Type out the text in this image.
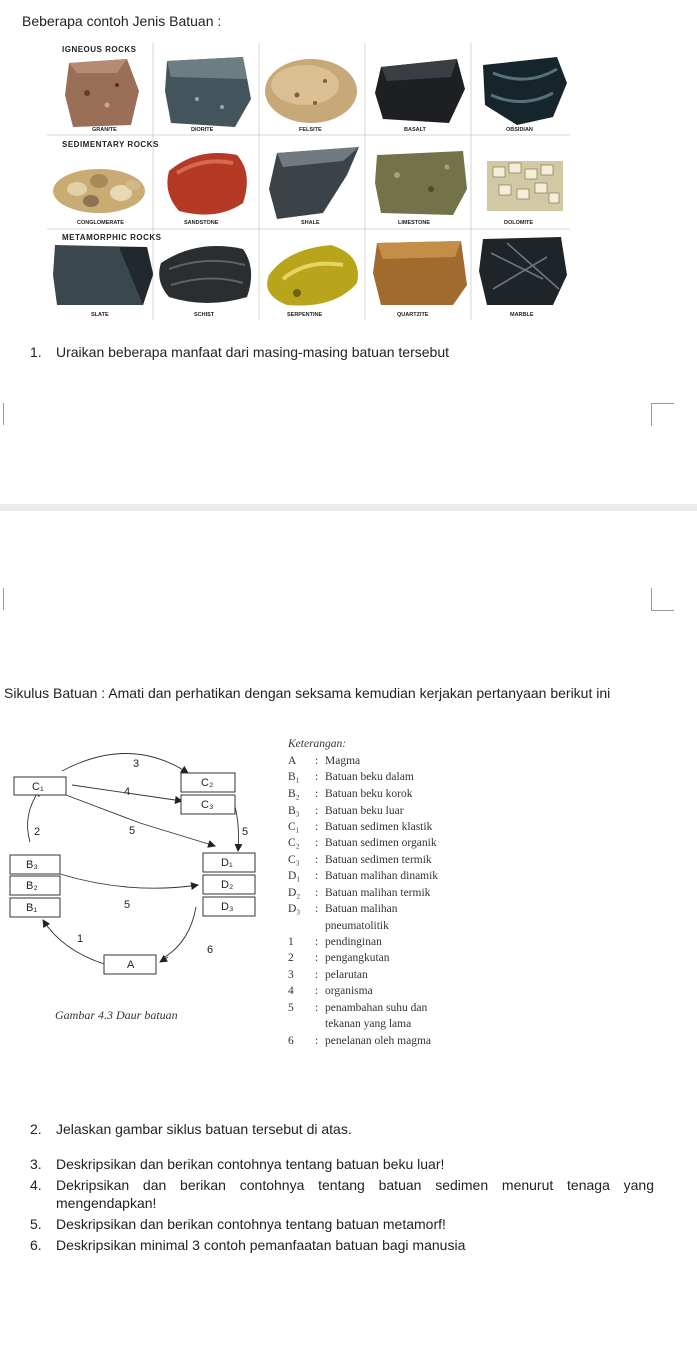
Beberapa contoh Jenis Batuan :
IGNEOUS ROCKS
SEDIMENTARY ROCKS
METAMORPHIC ROCKS
GRANITE	DIORITE	FELSITE	BASALT	OBSIDIAN
CONGLOMERATE	SANDSTONE	SHALE	LIMESTONE	DOLOMITE
SLATE	SCHIST	SERPENTINE	QUARTZITE	MARBLE
1. Uraikan beberapa manfaat dari masing-masing batuan tersebut
Sikulus Batuan : Amati dan perhatikan dengan seksama kemudian kerjakan pertanyaan berikut ini
C₁	C₂
C₃
B₃
B₂
B₁
D₁
D₂
D₃
A
3
4
2	5	5
5
1
6
Gambar 4.3 Daur batuan
Keterangan:
A : Magma
B₁ : Batuan beku dalam
B₂ : Batuan beku korok
B₃ : Batuan beku luar
C₁ : Batuan sedimen klastik
C₂ : Batuan sedimen organik
C₃ : Batuan sedimen termik
D₁ : Batuan malihan dinamik
D₂ : Batuan malihan termik
D₃ : Batuan malihan
pneumatolitik
1 : pendinginan
2 : pengangkutan
3 : pelarutan
4 : organisma
5 : penambahan suhu dan
tekanan yang lama
6 : penelanan oleh magma
2. Jelaskan gambar siklus batuan tersebut di atas.
3. Deskripsikan dan berikan contohnya tentang batuan beku luar!
4. Dekripsikan dan berikan contohnya tentang batuan sedimen menurut tenaga yang mengendapkan!
5. Deskripsikan dan berikan contohnya tentang batuan metamorf!
6. Deskripsikan minimal 3 contoh pemanfaatan batuan bagi manusia
